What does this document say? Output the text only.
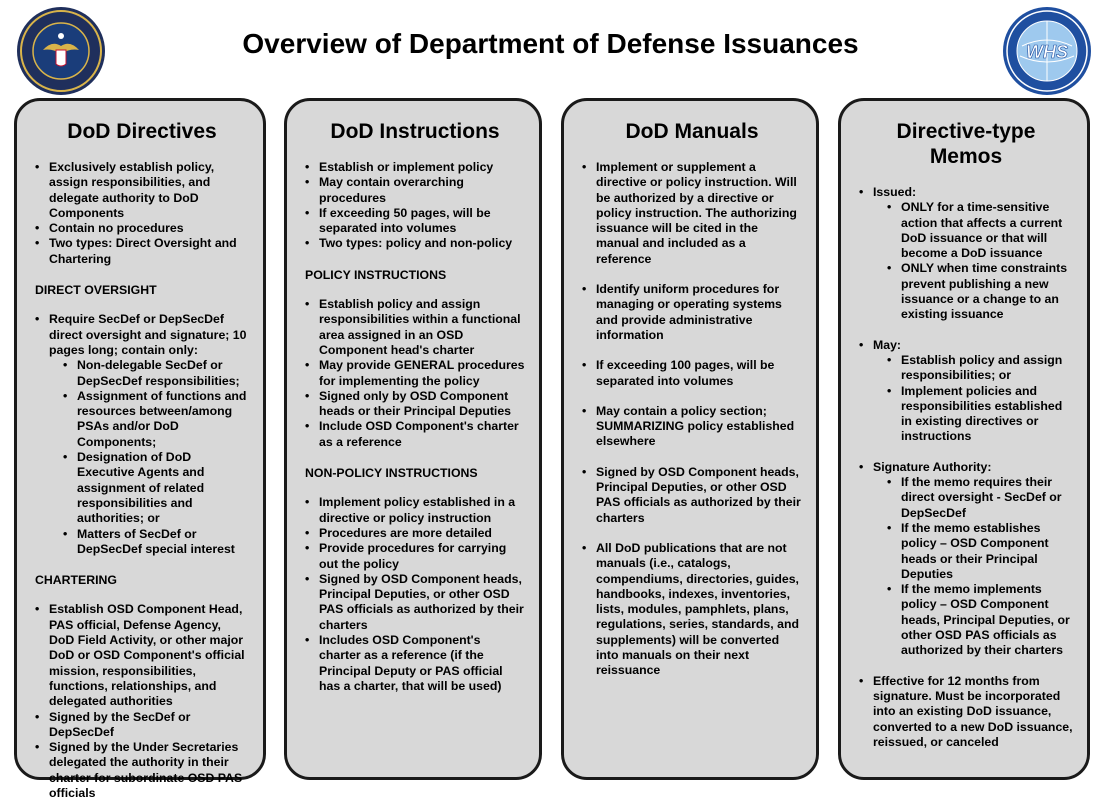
WHS
Overview of Department of Defense Issuances
DoD Directives
• Exclusively establish policy, assign responsibilities, and delegate authority to DoD Components
• Contain no procedures
• Two types: Direct Oversight and Chartering
DIRECT OVERSIGHT
• Require SecDef or DepSecDef direct oversight and signature; 10 pages long; contain only:
• Non-delegable SecDef or DepSecDef responsibilities;
• Assignment of functions and resources between/among PSAs and/or DoD Components;
• Designation of DoD Executive Agents and assignment of related responsibilities and authorities; or
• Matters of SecDef or DepSecDef special interest
CHARTERING
• Establish OSD Component Head, PAS official, Defense Agency, DoD Field Activity, or other major DoD or OSD Component's official mission, responsibilities, functions, relationships, and delegated authorities
• Signed by the SecDef or DepSecDef
• Signed by the Under Secretaries delegated the authority in their charter for subordinate OSD PAS officials
DoD Instructions
• Establish or implement policy
• May contain overarching procedures
• If exceeding 50 pages, will be separated into volumes
• Two types: policy and non-policy
POLICY INSTRUCTIONS
• Establish policy and assign responsibilities within a functional area assigned in an OSD Component head's charter
• May provide GENERAL procedures for implementing the policy
• Signed only by OSD Component heads or their Principal Deputies
• Include OSD Component's charter as a reference
NON-POLICY INSTRUCTIONS
• Implement policy established in a directive or policy instruction
• Procedures are more detailed
• Provide procedures for carrying out the policy
• Signed by OSD Component heads, Principal Deputies, or other OSD PAS officials as authorized by their charters
• Includes OSD Component's charter as a reference (if the Principal Deputy or PAS official has a charter, that will be used)
DoD Manuals
• Implement or supplement a directive or policy instruction. Will be authorized by a directive or policy instruction. The authorizing issuance will be cited in the manual and included as a reference
• Identify uniform procedures for managing or operating systems and provide administrative information
• If exceeding 100 pages, will be separated into volumes
• May contain a policy section; SUMMARIZING policy established elsewhere
• Signed by OSD Component heads, Principal Deputies, or other OSD PAS officials as authorized by their charters
• All DoD publications that are not manuals (i.e., catalogs, compendiums, directories, guides, handbooks, indexes, inventories, lists, modules, pamphlets, plans, regulations, series, standards, and supplements) will be converted into manuals on their next reissuance
Directive-type
Memos
• Issued:
• ONLY for a time-sensitive action that affects a current DoD issuance or that will become a DoD issuance
• ONLY when time constraints prevent publishing a new issuance or a change to an existing issuance
• May:
• Establish policy and assign responsibilities; or
• Implement policies and responsibilities established in existing directives or instructions
• Signature Authority:
• If the memo requires their direct oversight - SecDef or DepSecDef
• If the memo establishes policy – OSD Component heads or their Principal Deputies
• If the memo implements policy – OSD Component heads, Principal Deputies, or other OSD PAS officials as authorized by their charters
• Effective for 12 months from signature. Must be incorporated into an existing DoD issuance, converted to a new DoD issuance, reissued, or canceled
